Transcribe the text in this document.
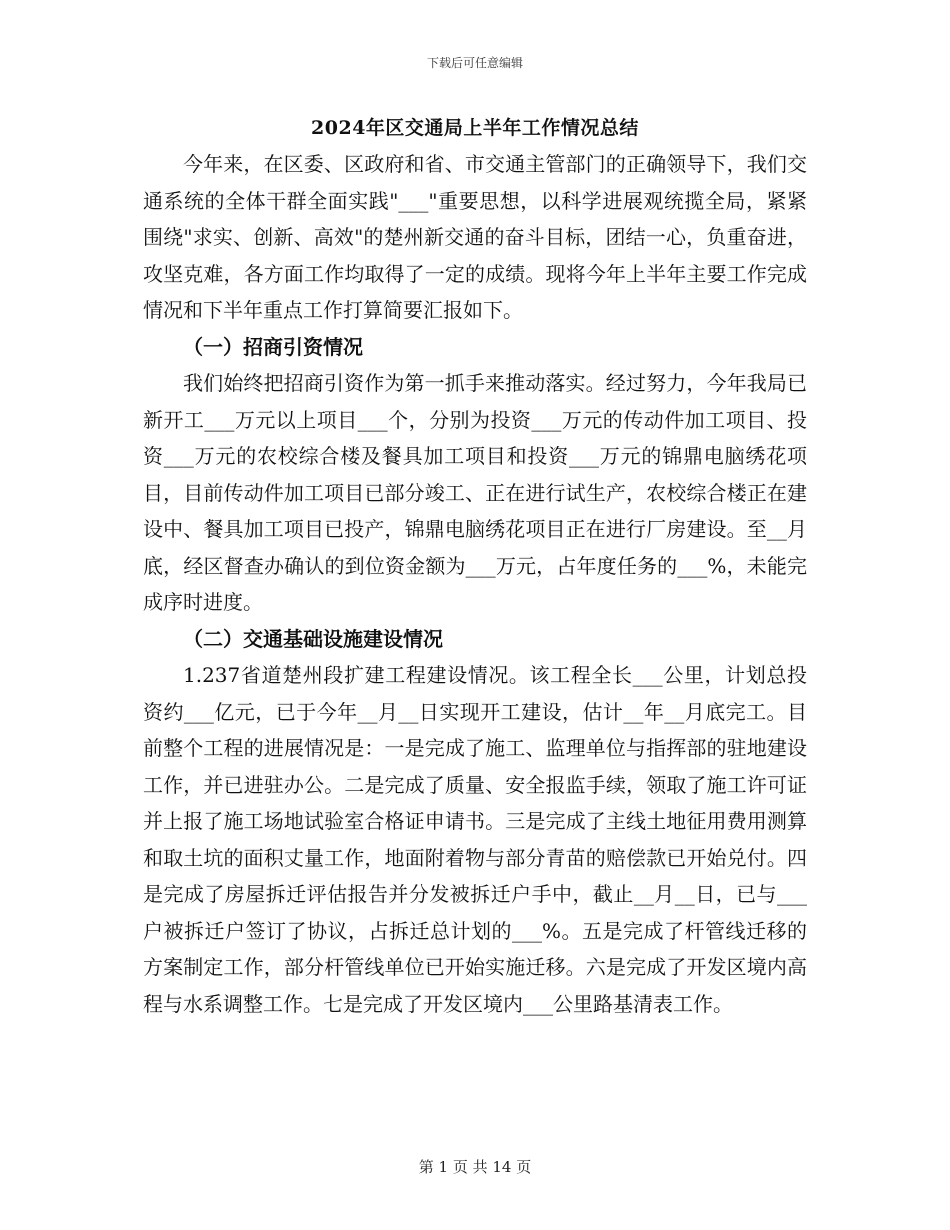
下载后可任意编辑
2024年区交通局上半年工作情况总结

今年来，在区委、区政府和省、市交通主管部门的正确领导下，我们交通系统的全体干群全面实践"___"重要思想，以科学进展观统揽全局，紧紧围绕"求实、创新、高效"的楚州新交通的奋斗目标，团结一心，负重奋进，攻坚克难，各方面工作均取得了一定的成绩。现将今年上半年主要工作完成情况和下半年重点工作打算简要汇报如下。

（一）招商引资情况

我们始终把招商引资作为第一抓手来推动落实。经过努力，今年我局已新开工___万元以上项目___个，分别为投资___万元的传动件加工项目、投资___万元的农校综合楼及餐具加工项目和投资___万元的锦鼎电脑绣花项目，目前传动件加工项目已部分竣工、正在进行试生产，农校综合楼正在建设中、餐具加工项目已投产，锦鼎电脑绣花项目正在进行厂房建设。至__月底，经区督查办确认的到位资金额为___万元，占年度任务的___%，未能完成序时进度。

（二）交通基础设施建设情况

1.237省道楚州段扩建工程建设情况。该工程全长___公里，计划总投资约___亿元，已于今年__月__日实现开工建设，估计__年__月底完工。目前整个工程的进展情况是：一是完成了施工、监理单位与指挥部的驻地建设工作，并已进驻办公。二是完成了质量、安全报监手续，领取了施工许可证并上报了施工场地试验室合格证申请书。三是完成了主线土地征用费用测算和取土坑的面积丈量工作，地面附着物与部分青苗的赔偿款已开始兑付。四是完成了房屋拆迁评估报告并分发被拆迁户手中，截止__月__日，已与___户被拆迁户签订了协议，占拆迁总计划的___%。五是完成了杆管线迁移的方案制定工作，部分杆管线单位已开始实施迁移。六是完成了开发区境内高程与水系调整工作。七是完成了开发区境内___公里路基清表工作。

第 1 页 共 14 页
